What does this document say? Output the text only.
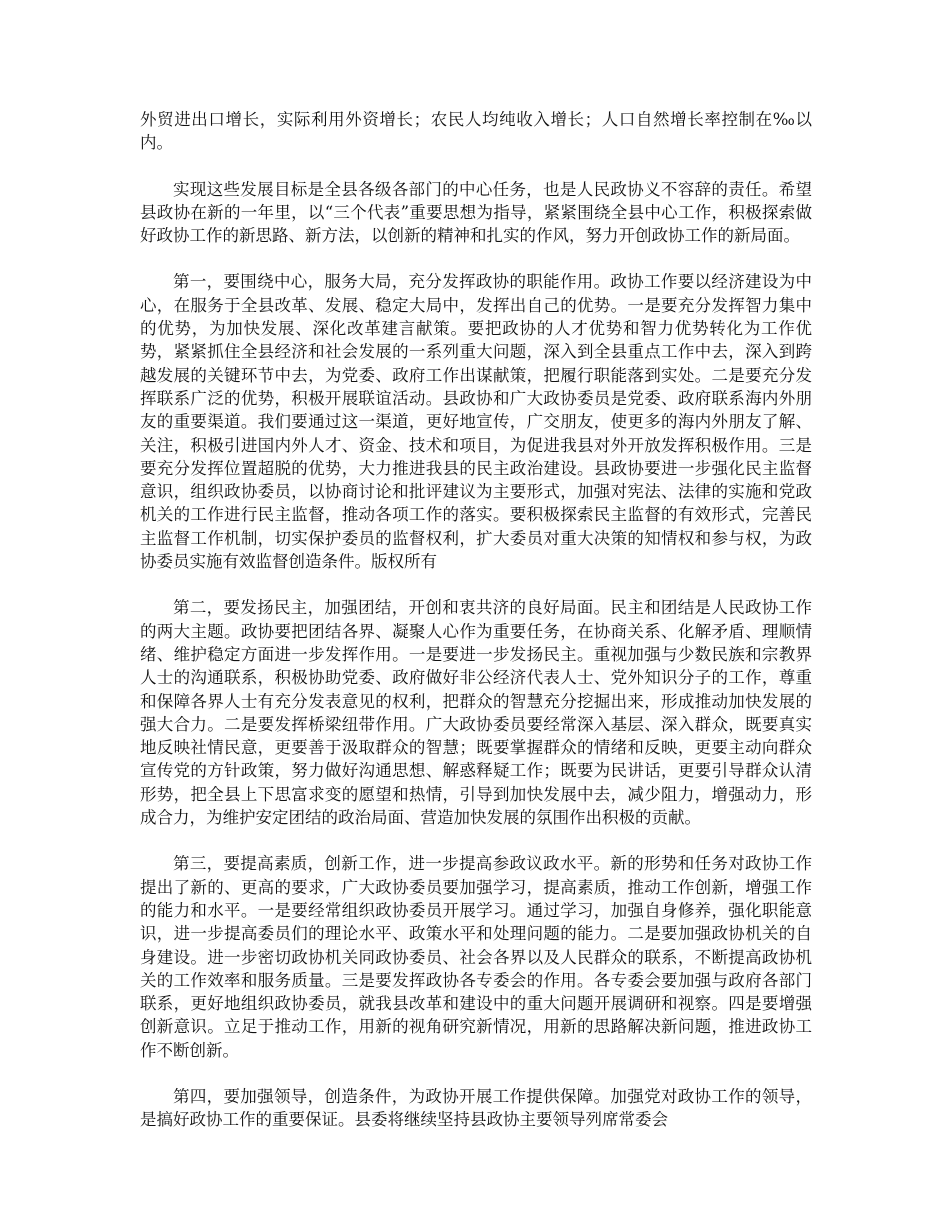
外贸进出口增长，实际利用外资增长；农民人均纯收入增长；人口自然增长率控制在‰以内。

实现这些发展目标是全县各级各部门的中心任务，也是人民政协义不容辞的责任。希望县政协在新的一年里，以“三个代表”重要思想为指导，紧紧围绕全县中心工作，积极探索做好政协工作的新思路、新方法，以创新的精神和扎实的作风，努力开创政协工作的新局面。

第一，要围绕中心，服务大局，充分发挥政协的职能作用。政协工作要以经济建设为中心，在服务于全县改革、发展、稳定大局中，发挥出自己的优势。一是要充分发挥智力集中的优势，为加快发展、深化改革建言献策。要把政协的人才优势和智力优势转化为工作优势，紧紧抓住全县经济和社会发展的一系列重大问题，深入到全县重点工作中去，深入到跨越发展的关键环节中去，为党委、政府工作出谋献策，把履行职能落到实处。二是要充分发挥联系广泛的优势，积极开展联谊活动。县政协和广大政协委员是党委、政府联系海内外朋友的重要渠道。我们要通过这一渠道，更好地宣传，广交朋友，使更多的海内外朋友了解、关注，积极引进国内外人才、资金、技术和项目，为促进我县对外开放发挥积极作用。三是要充分发挥位置超脱的优势，大力推进我县的民主政治建设。县政协要进一步强化民主监督意识，组织政协委员，以协商讨论和批评建议为主要形式，加强对宪法、法律的实施和党政机关的工作进行民主监督，推动各项工作的落实。要积极探索民主监督的有效形式，完善民主监督工作机制，切实保护委员的监督权利，扩大委员对重大决策的知情权和参与权，为政协委员实施有效监督创造条件。版权所有

第二，要发扬民主，加强团结，开创和衷共济的良好局面。民主和团结是人民政协工作的两大主题。政协要把团结各界、凝聚人心作为重要任务，在协商关系、化解矛盾、理顺情绪、维护稳定方面进一步发挥作用。一是要进一步发扬民主。重视加强与少数民族和宗教界人士的沟通联系，积极协助党委、政府做好非公经济代表人士、党外知识分子的工作，尊重和保障各界人士有充分发表意见的权利，把群众的智慧充分挖掘出来，形成推动加快发展的强大合力。二是要发挥桥梁纽带作用。广大政协委员要经常深入基层、深入群众，既要真实地反映社情民意，更要善于汲取群众的智慧；既要掌握群众的情绪和反映，更要主动向群众宣传党的方针政策，努力做好沟通思想、解惑释疑工作；既要为民讲话，更要引导群众认清形势，把全县上下思富求变的愿望和热情，引导到加快发展中去，减少阻力，增强动力，形成合力，为维护安定团结的政治局面、营造加快发展的氛围作出积极的贡献。

第三，要提高素质，创新工作，进一步提高参政议政水平。新的形势和任务对政协工作提出了新的、更高的要求，广大政协委员要加强学习，提高素质，推动工作创新，增强工作的能力和水平。一是要经常组织政协委员开展学习。通过学习，加强自身修养，强化职能意识，进一步提高委员们的理论水平、政策水平和处理问题的能力。二是要加强政协机关的自身建设。进一步密切政协机关同政协委员、社会各界以及人民群众的联系，不断提高政协机关的工作效率和服务质量。三是要发挥政协各专委会的作用。各专委会要加强与政府各部门联系，更好地组织政协委员，就我县改革和建设中的重大问题开展调研和视察。四是要增强创新意识。立足于推动工作，用新的视角研究新情况，用新的思路解决新问题，推进政协工作不断创新。

第四，要加强领导，创造条件，为政协开展工作提供保障。加强党对政协工作的领导，是搞好政协工作的重要保证。县委将继续坚持县政协主要领导列席常委会
